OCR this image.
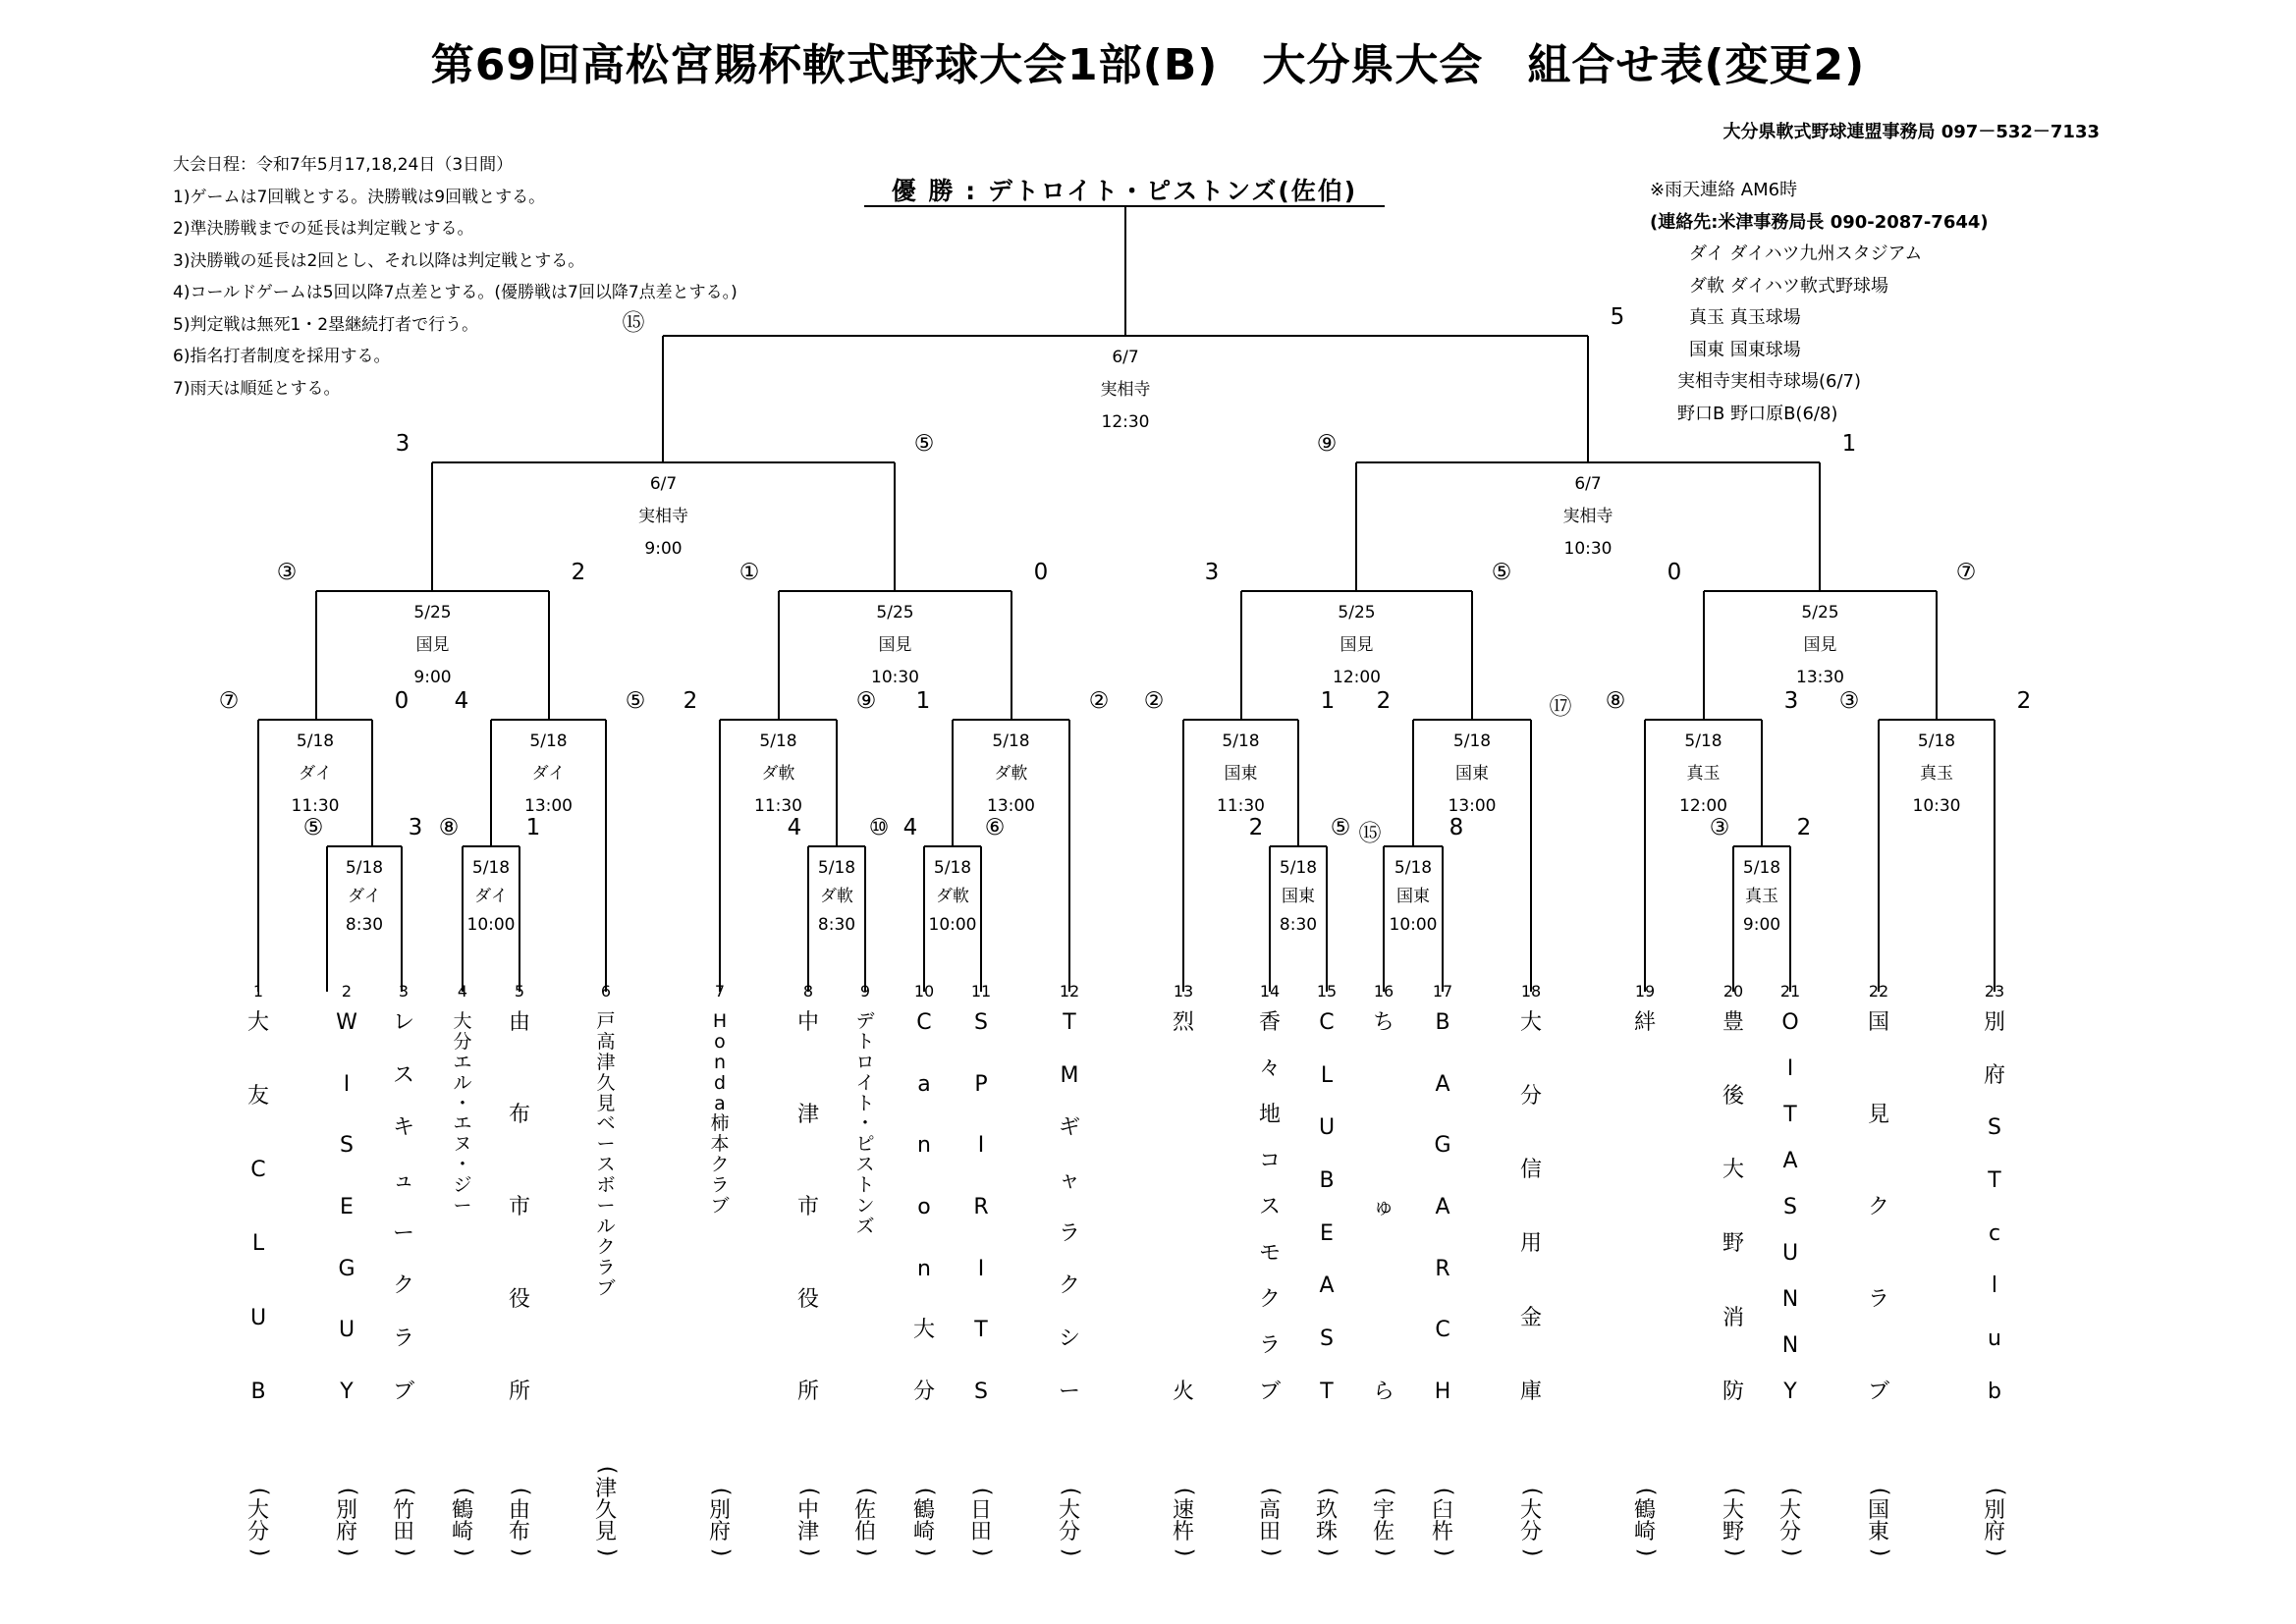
第69回高松宮賜杯軟式野球大会1部(B)　大分県大会　組合せ表(変更2)
大分県軟式野球連盟事務局 097－532－7133
大会日程：令和7年5月17,18,24日（3日間）
1)ゲームは7回戦とする。決勝戦は9回戦とする。
2)準決勝戦までの延長は判定戦とする。
3)決勝戦の延長は2回とし、それ以降は判定戦とする。
4)コールドゲームは5回以降7点差とする。(優勝戦は7回以降7点差とする。)
5)判定戦は無死1・2塁継続打者で行う。
6)指名打者制度を採用する。
7)雨天は順延とする。
※雨天連絡 AM6時
(連絡先:米津事務局長 090-2087-7644)
ダイ ダイハツ九州スタジアム
ダ軟 ダイハツ軟式野球場
真玉 真玉球場
国東 国東球場
実相寺実相寺球場(6/7)
野口B 野口原B(6/8)
優 勝 : デトロイト・ピストンズ(佐伯)
5/18
ダイ
8:30
⑤	3
5/18
ダイ
10:00
⑧	1
5/18
ダ軟
8:30
4	⑩
5/18
ダ軟
10:00
4	⑥
5/18
国東
8:30
2	⑤
5/18
国東
10:00
⑮	8
5/18
真玉
9:00
③	2
5/18
ダイ
11:30
⑦	0
5/18
ダイ
13:00
4	⑤
5/18
ダ軟
11:30
2	⑨
5/18
ダ軟
13:00
1	②
5/18
国東
11:30
②	1
5/18
国東
13:00
2	⑰
5/18
真玉
12:00
⑧	3
5/18
真玉
10:30
③	2
5/25
国見
9:00
③	2
5/25
国見
10:30
①	0
5/25
国見
12:00
3	⑤
5/25
国見
13:30
0	⑦
6/7
実相寺
9:00
3	⑤
6/7
実相寺
10:30
⑨	1
6/7
実相寺
12:30
⑮	5
1
大
友
C
L
U
B
(
大
分
)
2
W
I
S
E
G
U
Y
(
別
府
)
3
レ
ス
キ
ュ
ー
ク
ラ
ブ
(
竹
田
)
4
大
分
エ
ル
・
エ
ヌ
・
ジ
ー
(
鶴
崎
)
5
由
布
市
役
所
(
由
布
)
6
戸
高
津
久
見
ベ
ー
ス
ボ
ー
ル
ク
ラ
ブ
(
津
久
見
)
7
H
o
n
d
a
柿
本
ク
ラ
ブ
(
別
府
)
8
中
津
市
役
所
(
中
津
)
9
デ
ト
ロ
イ
ト
・
ピ
ス
ト
ン
ズ
(
佐
伯
)
10
C
a
n
o
n
大
分
(
鶴
崎
)
11
S
P
I
R
I
T
S
(
日
田
)
12
T
M
ギ
ャ
ラ
ク
シ
ー
(
大
分
)
13
烈
火
(
速
杵
)
14
香
々
地
コ
ス
モ
ク
ラ
ブ
(
高
田
)
15
C
L
U
B
E
A
S
T
(
玖
珠
)
16
ち
ゅ
ら
(
宇
佐
)
17
B
A
G
A
R
C
H
(
臼
杵
)
18
大
分
信
用
金
庫
(
大
分
)
19
絆
(
鶴
崎
)
20
豊
後
大
野
消
防
(
大
野
)
21
O
I
T
A
S
U
N
N
Y
(
大
分
)
22
国
見
ク
ラ
ブ
(
国
東
)
23
別
府
S
T
c
l
u
b
(
別
府
)
